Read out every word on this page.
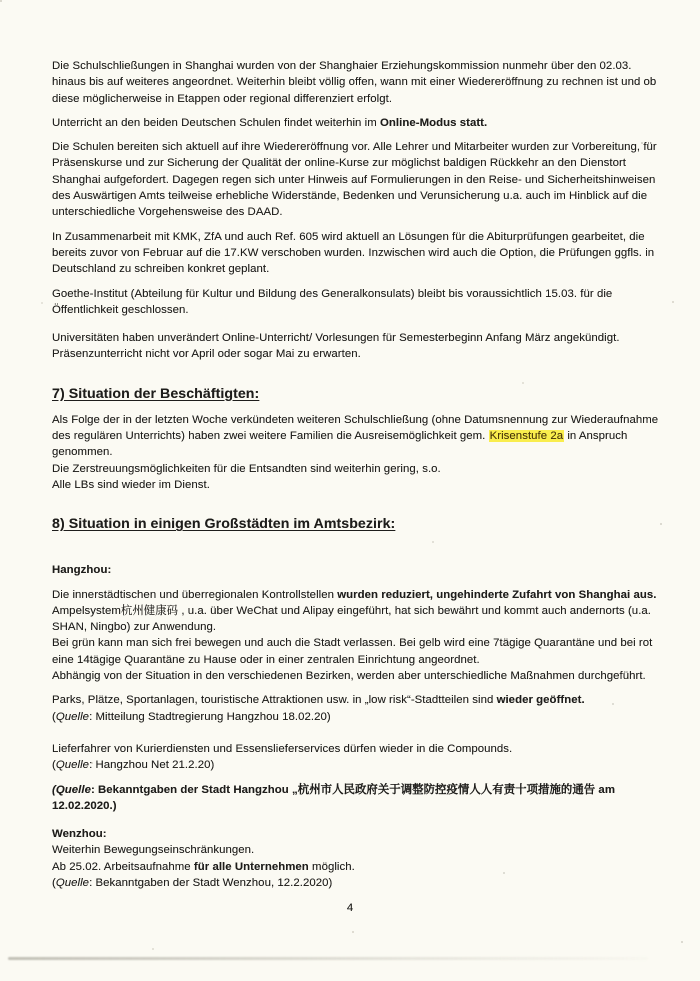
Die Schulschließungen in Shanghai wurden von der Shanghaier Erziehungskommission nunmehr über den 02.03. hinaus bis auf weiteres angeordnet. Weiterhin bleibt völlig offen, wann mit einer Wiedereröffnung zu rechnen ist und ob diese möglicherweise in Etappen oder regional differenziert erfolgt.
Unterricht an den beiden Deutschen Schulen findet weiterhin im Online-Modus statt.
Die Schulen bereiten sich aktuell auf ihre Wiedereröffnung vor. Alle Lehrer und Mitarbeiter wurden zur Vorbereitung, für Präsenskurse und zur Sicherung der Qualität der online-Kurse zur möglichst baldigen Rückkehr an den Dienstort Shanghai aufgefordert. Dagegen regen sich unter Hinweis auf Formulierungen in den Reise- und Sicherheitshinweisen des Auswärtigen Amts teilweise erhebliche Widerstände, Bedenken und Verunsicherung u.a. auch im Hinblick auf die unterschiedliche Vorgehensweise des DAAD.
In Zusammenarbeit mit KMK, ZfA und auch Ref. 605 wird aktuell an Lösungen für die Abiturprüfungen gearbeitet, die bereits zuvor von Februar auf die 17.KW verschoben wurden. Inzwischen wird auch die Option, die Prüfungen ggfls. in Deutschland zu schreiben konkret geplant.
Goethe-Institut (Abteilung für Kultur und Bildung des Generalkonsulats) bleibt bis voraussichtlich 15.03. für die Öffentlichkeit geschlossen.
Universitäten haben unverändert Online-Unterricht/ Vorlesungen für Semesterbeginn Anfang März angekündigt. Präsenzunterricht nicht vor April oder sogar Mai zu erwarten.
7) Situation der Beschäftigten:
Als Folge der in der letzten Woche verkündeten weiteren Schulschließung (ohne Datumsnennung zur Wiederaufnahme des regulären Unterrichts) haben zwei weitere Familien die Ausreisemöglichkeit gem. Krisenstufe 2a in Anspruch genommen.
Die Zerstreuungsmöglichkeiten für die Entsandten sind weiterhin gering, s.o.
Alle LBs sind wieder im Dienst.
8) Situation in einigen Großstädten im Amtsbezirk:
Hangzhou:
Die innerstädtischen und überregionalen Kontrollstellen wurden reduziert, ungehinderte Zufahrt von Shanghai aus.
Ampelsystem杭州健康码 , u.a. über WeChat und Alipay eingeführt, hat sich bewährt und kommt auch andernorts (u.a. SHAN, Ningbo) zur Anwendung.
Bei grün kann man sich frei bewegen und auch die Stadt verlassen. Bei gelb wird eine 7tägige Quarantäne und bei rot eine 14tägige Quarantäne zu Hause oder in einer zentralen Einrichtung angeordnet.
Abhängig von der Situation in den verschiedenen Bezirken, werden aber unterschiedliche Maßnahmen durchgeführt.
Parks, Plätze, Sportanlagen, touristische Attraktionen usw. in „low risk“-Stadtteilen sind wieder geöffnet.
(Quelle: Mitteilung Stadtregierung Hangzhou 18.02.20)
Lieferfahrer von Kurierdiensten und Essenslieferservices dürfen wieder in die Compounds.
(Quelle: Hangzhou Net 21.2.20)
(Quelle: Bekanntgaben der Stadt Hangzhou „杭州市人民政府关于调整防控疫情人人有责十项措施的通告 am 12.02.2020.)
Wenzhou:
Weiterhin Bewegungseinschränkungen.
Ab 25.02. Arbeitsaufnahme für alle Unternehmen möglich.
(Quelle: Bekanntgaben der Stadt Wenzhou, 12.2.2020)
4
